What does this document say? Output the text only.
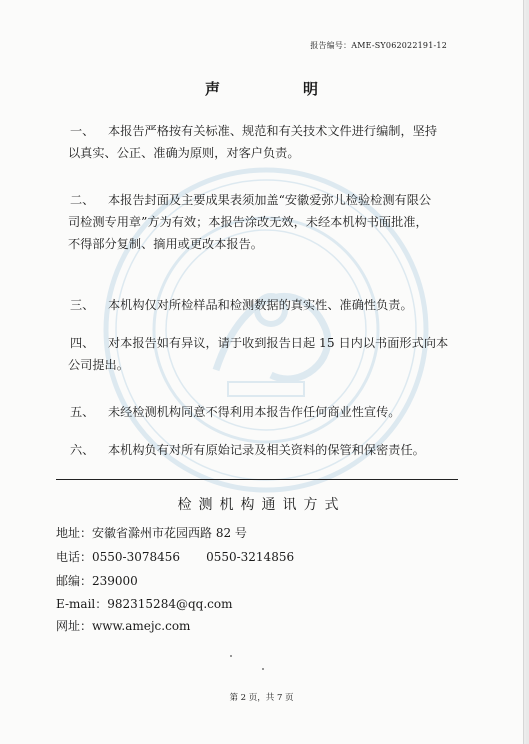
报告编号：AME-SY062022191-12
声　明
一、 本报告严格按有关标准、规范和有关技术文件进行编制，坚持
以真实、公正、准确为原则，对客户负责。
二、 本报告封面及主要成果表须加盖“安徽爱弥儿检验检测有限公
司检测专用章”方为有效；本报告涂改无效，未经本机构书面批准，
不得部分复制、摘用或更改本报告。
三、 本机构仅对所检样品和检测数据的真实性、准确性负责。
四、 对本报告如有异议，请于收到报告日起 15 日内以书面形式向本
公司提出。
五、 未经检测机构同意不得利用本报告作任何商业性宣传。
六、 本机构负有对所有原始记录及相关资料的保管和保密责任。
检测机构通讯方式
地址：安徽省滁州市花园西路 82 号
电话：0550-3078456 0550-3214856
邮编：239000
E-mail：982315284@qq.com
网址：www.amejc.com
第 2 页，共 7 页
